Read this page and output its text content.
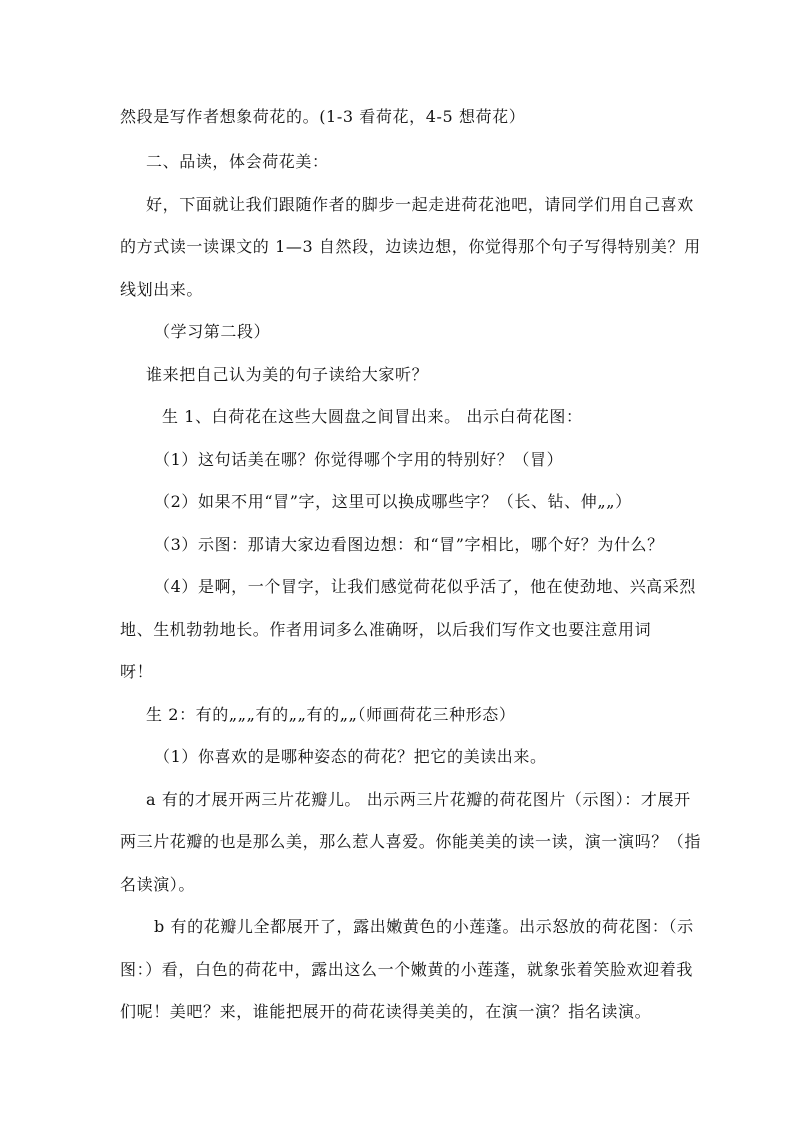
然段是写作者想象荷花的。(1-3 看荷花，4-5 想荷花）
二、品读，体会荷花美：
好，下面就让我们跟随作者的脚步一起走进荷花池吧，请同学们用自己喜欢
的方式读一读课文的 1—3 自然段，边读边想，你觉得那个句子写得特别美？用
线划出来。
（学习第二段）
谁来把自己认为美的句子读给大家听？
生 1、白荷花在这些大圆盘之间冒出来。 出示白荷花图：
（1）这句话美在哪？你觉得哪个字用的特别好？（冒）
（2）如果不用“冒”字，这里可以换成哪些字？（长、钻、伸„„）
（3）示图：那请大家边看图边想：和“冒”字相比，哪个好？为什么？
（4）是啊，一个冒字，让我们感觉荷花似乎活了，他在使劲地、兴高采烈
地、生机勃勃地长。作者用词多么准确呀，以后我们写作文也要注意用词
呀！
生 2：有的„„„有的„„有的„„（师画荷花三种形态）
（1）你喜欢的是哪种姿态的荷花？把它的美读出来。
a 有的才展开两三片花瓣儿。 出示两三片花瓣的荷花图片（示图）：才展开
两三片花瓣的也是那么美，那么惹人喜爱。你能美美的读一读，演一演吗？（指
名读演）。
b 有的花瓣儿全都展开了，露出嫩黄色的小莲蓬。出示怒放的荷花图：（示
图：）看，白色的荷花中，露出这么一个嫩黄的小莲蓬，就象张着笑脸欢迎着我
们呢！美吧？来，谁能把展开的荷花读得美美的，在演一演？指名读演。
